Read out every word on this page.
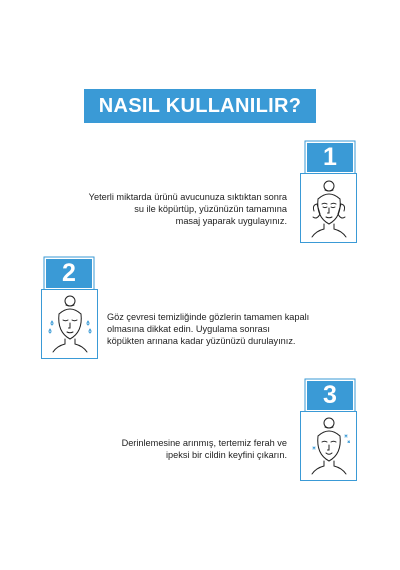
NASIL KULLANILIR?
1
Yeterli miktarda ürünü avucunuza sıktıktan sonra
su ile köpürtüp, yüzünüzün tamamına
masaj yaparak uygulayınız.
2
Göz çevresi temizliğinde gözlerin tamamen kapalı
olmasına dikkat edin. Uygulama sonrası
köpükten arınana kadar yüzünüzü durulayınız.
3
Derinlemesine arınmış, tertemiz ferah ve
ipeksi bir cildin keyfini çıkarın.
